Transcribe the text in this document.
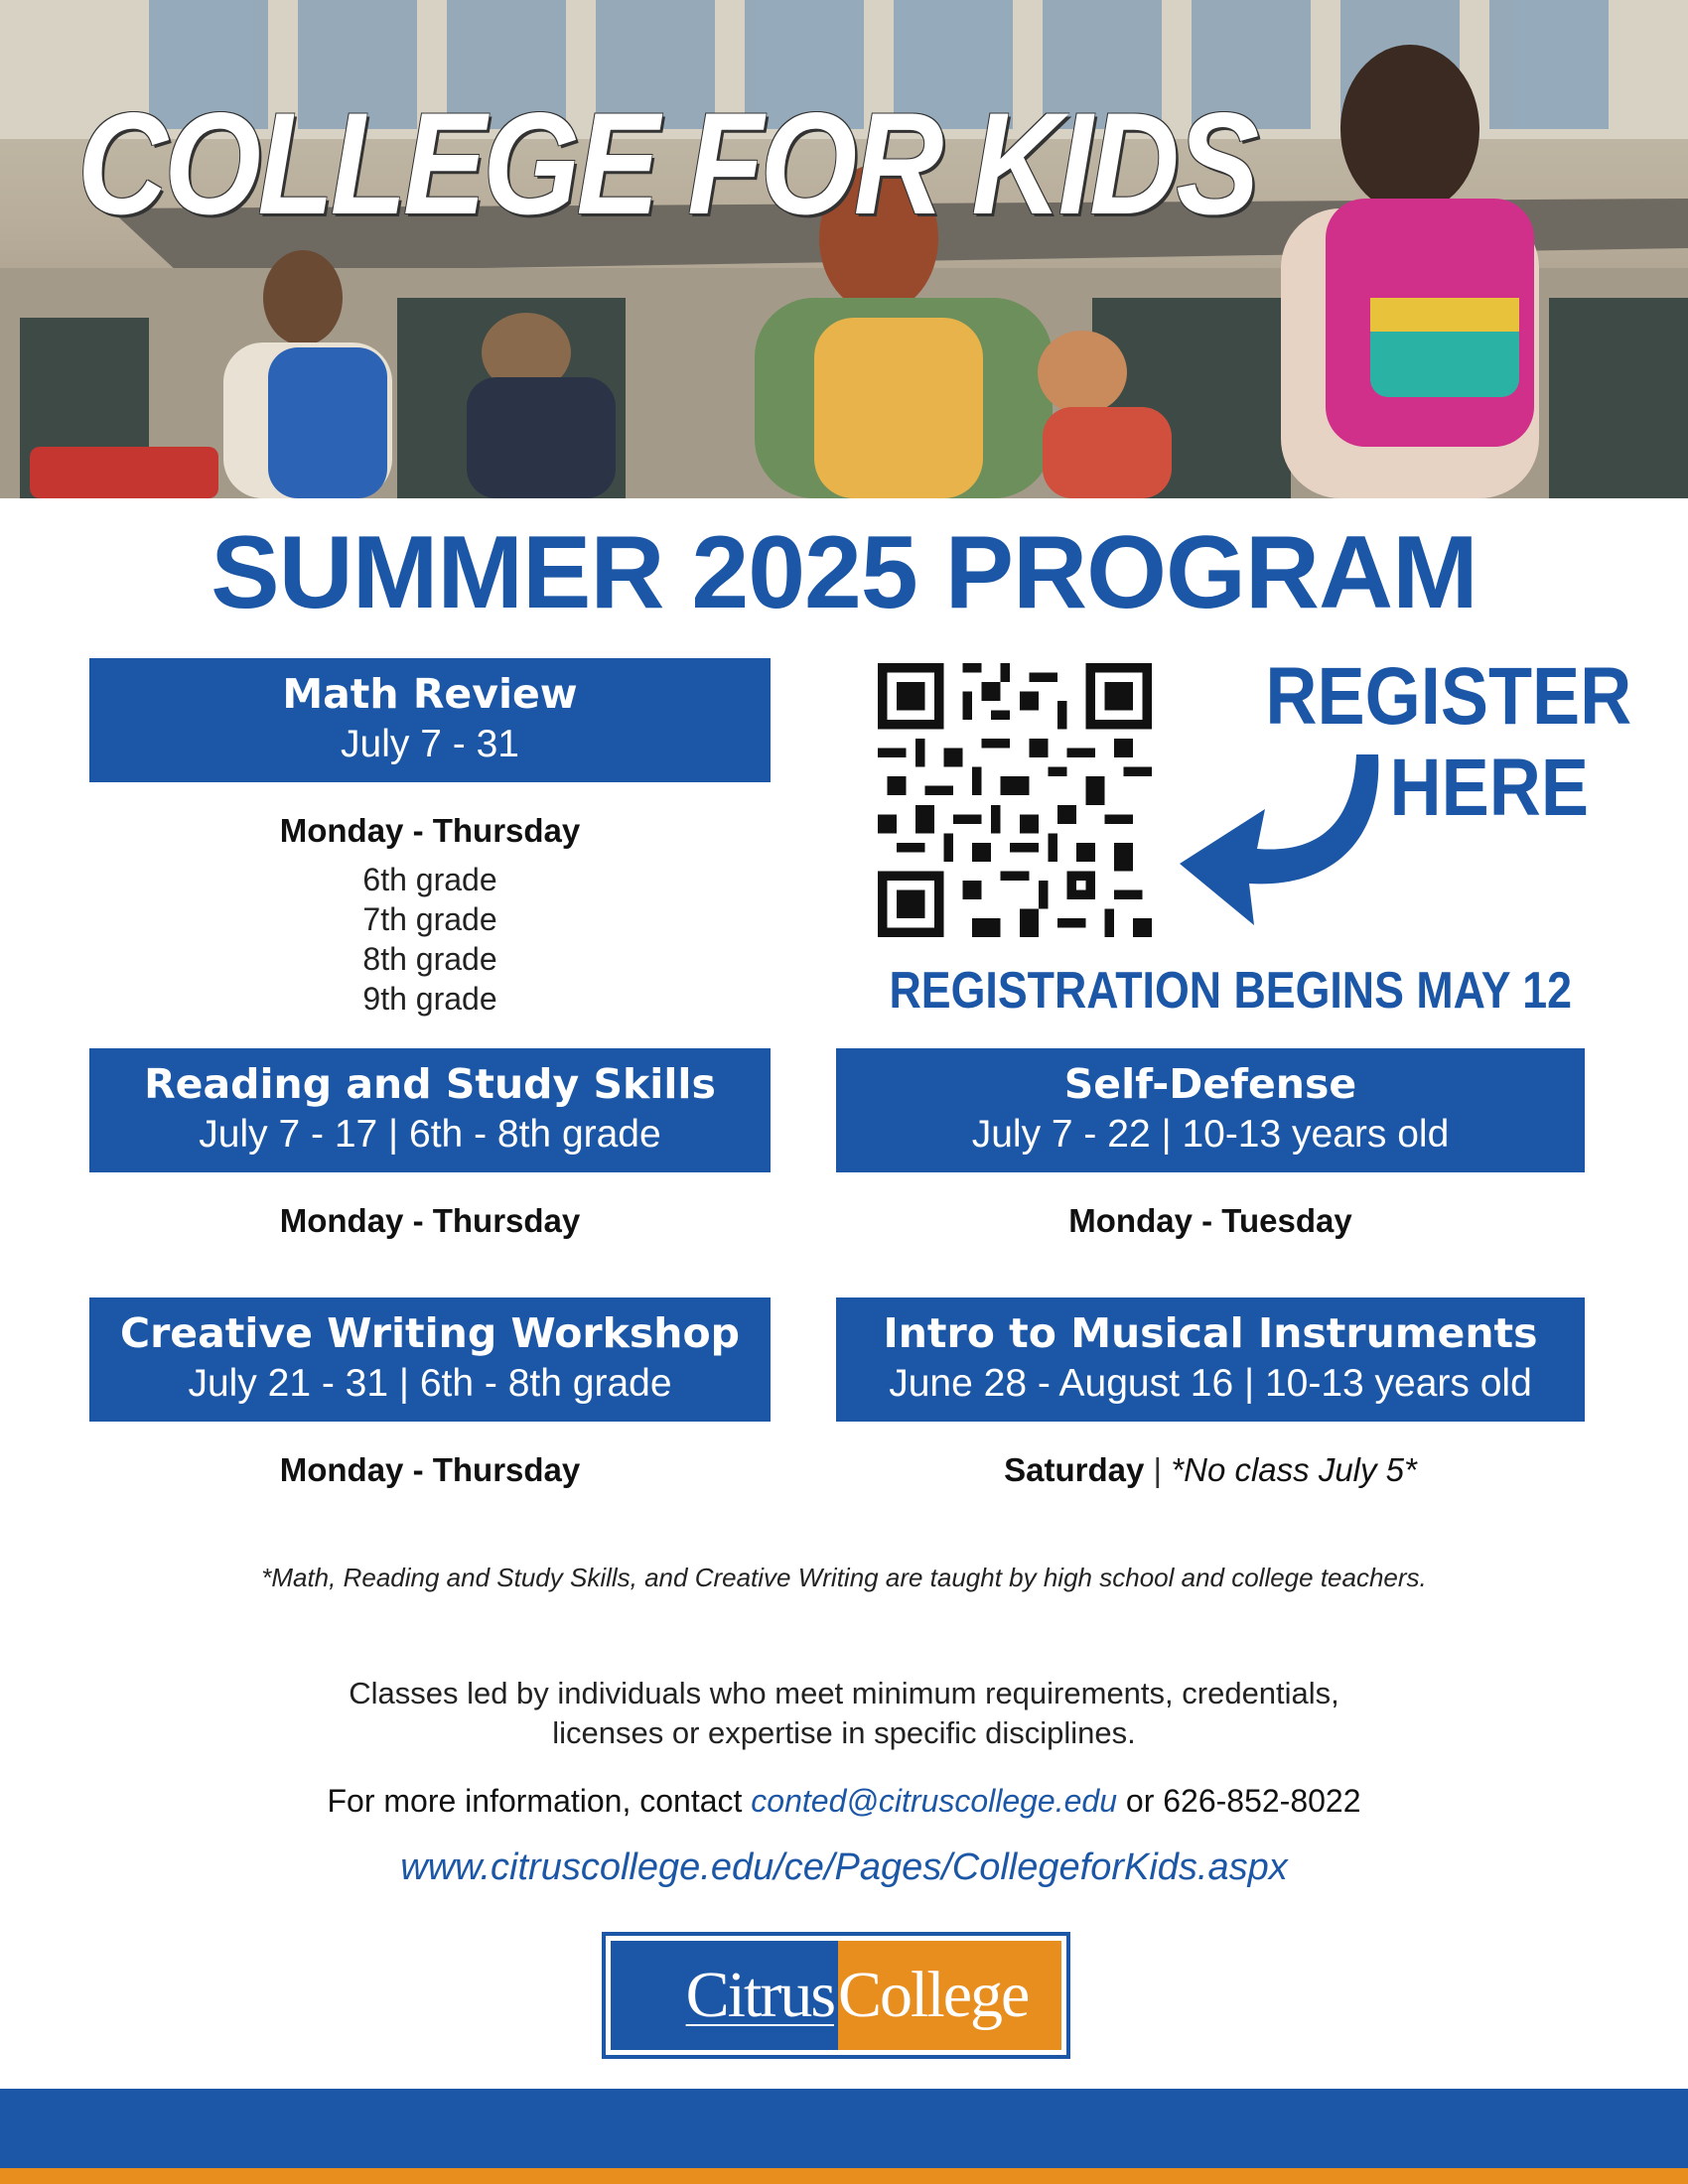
COLLEGE FOR KIDS
SUMMER 2025 PROGRAM
Math Review
July 7 - 31
Monday - Thursday
6th grade
7th grade
8th grade
9th grade
Reading and Study Skills
July 7 - 17 | 6th - 8th grade
Monday - Thursday
Creative Writing Workshop
July 21 - 31 | 6th - 8th grade
Monday - Thursday
REGISTER
HERE
REGISTRATION BEGINS MAY 12
Self-Defense
July 7 - 22 | 10-13 years old
Monday - Tuesday
Intro to Musical Instruments
June 28 - August 16 | 10-13 years old
Saturday | *No class July 5*
*Math, Reading and Study Skills, and Creative Writing are taught by high school and college teachers.
Classes led by individuals who meet minimum requirements, credentials,
licenses or expertise in specific disciplines.
For more information, contact conted@citruscollege.edu or 626-852-8022
www.citruscollege.edu/ce/Pages/CollegeforKids.aspx
Citrus College
